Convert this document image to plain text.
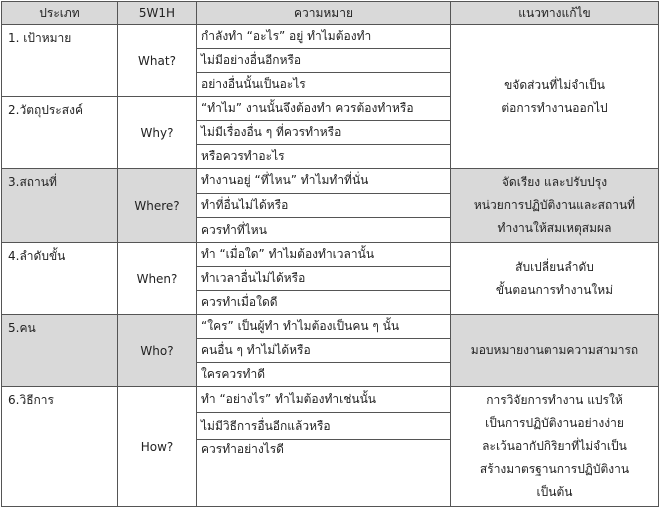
ประเภท	5W1H	ความหมาย	แนวทางแก้ไข
1. เป้าหมาย	What?	กำลังทำ “อะไร” อยู่ ทำไมต้องทำ	ขจัดส่วนที่ไม่จำเป็น
ต่อการทำงานออกไป

		ไม่มีอย่างอื่นอีกหรือ	
		อย่างอื่นนั้นเป็นอะไร	
2.วัตถุประสงค์	Why?	“ทำไม” งานนั้นจึงต้องทำ ควรต้องทำหรือ	
		ไม่มีเรื่องอื่น ๆ ที่ควรทำหรือ	
		หรือควรทำอะไร	
3.สถานที่	Where?	ทำงานอยู่ “ที่ไหน” ทำไมทำที่นั่น	จัดเรียง และปรับปรุง
หน่วยการปฏิบัติงานและสถานที่
ทำงานให้สมเหตุสมผล

		ทำที่อื่นไม่ได้หรือ	
		ควรทำที่ไหน	
4.ลำดับขั้น	When?	ทำ “เมื่อใด” ทำไมต้องทำเวลานั้น	สับเปลี่ยนลำดับ
ขั้นตอนการทำงานใหม่

		ทำเวลาอื่นไม่ได้หรือ	
		ควรทำเมื่อใดดี	
5.คน	Who?	“ใคร” เป็นผู้ทำ ทำไมต้องเป็นคน ๆ นั้น	มอบหมายงานตามความสามารถ

		คนอื่น ๆ ทำไม่ได้หรือ	
		ใครควรทำดี	
6.วิธีการ	How?	ทำ “อย่างไร” ทำไมต้องทำเช่นนั้น	การวิจัยการทำงาน แปรให้
เป็นการปฏิบัติงานอย่างง่าย
ละเว้นอากัปกิริยาที่ไม่จำเป็น
สร้างมาตรฐานการปฏิบัติงาน
เป็นต้น

		ไม่มีวิธีการอื่นอีกแล้วหรือ	
		ควรทำอย่างไรดี	
